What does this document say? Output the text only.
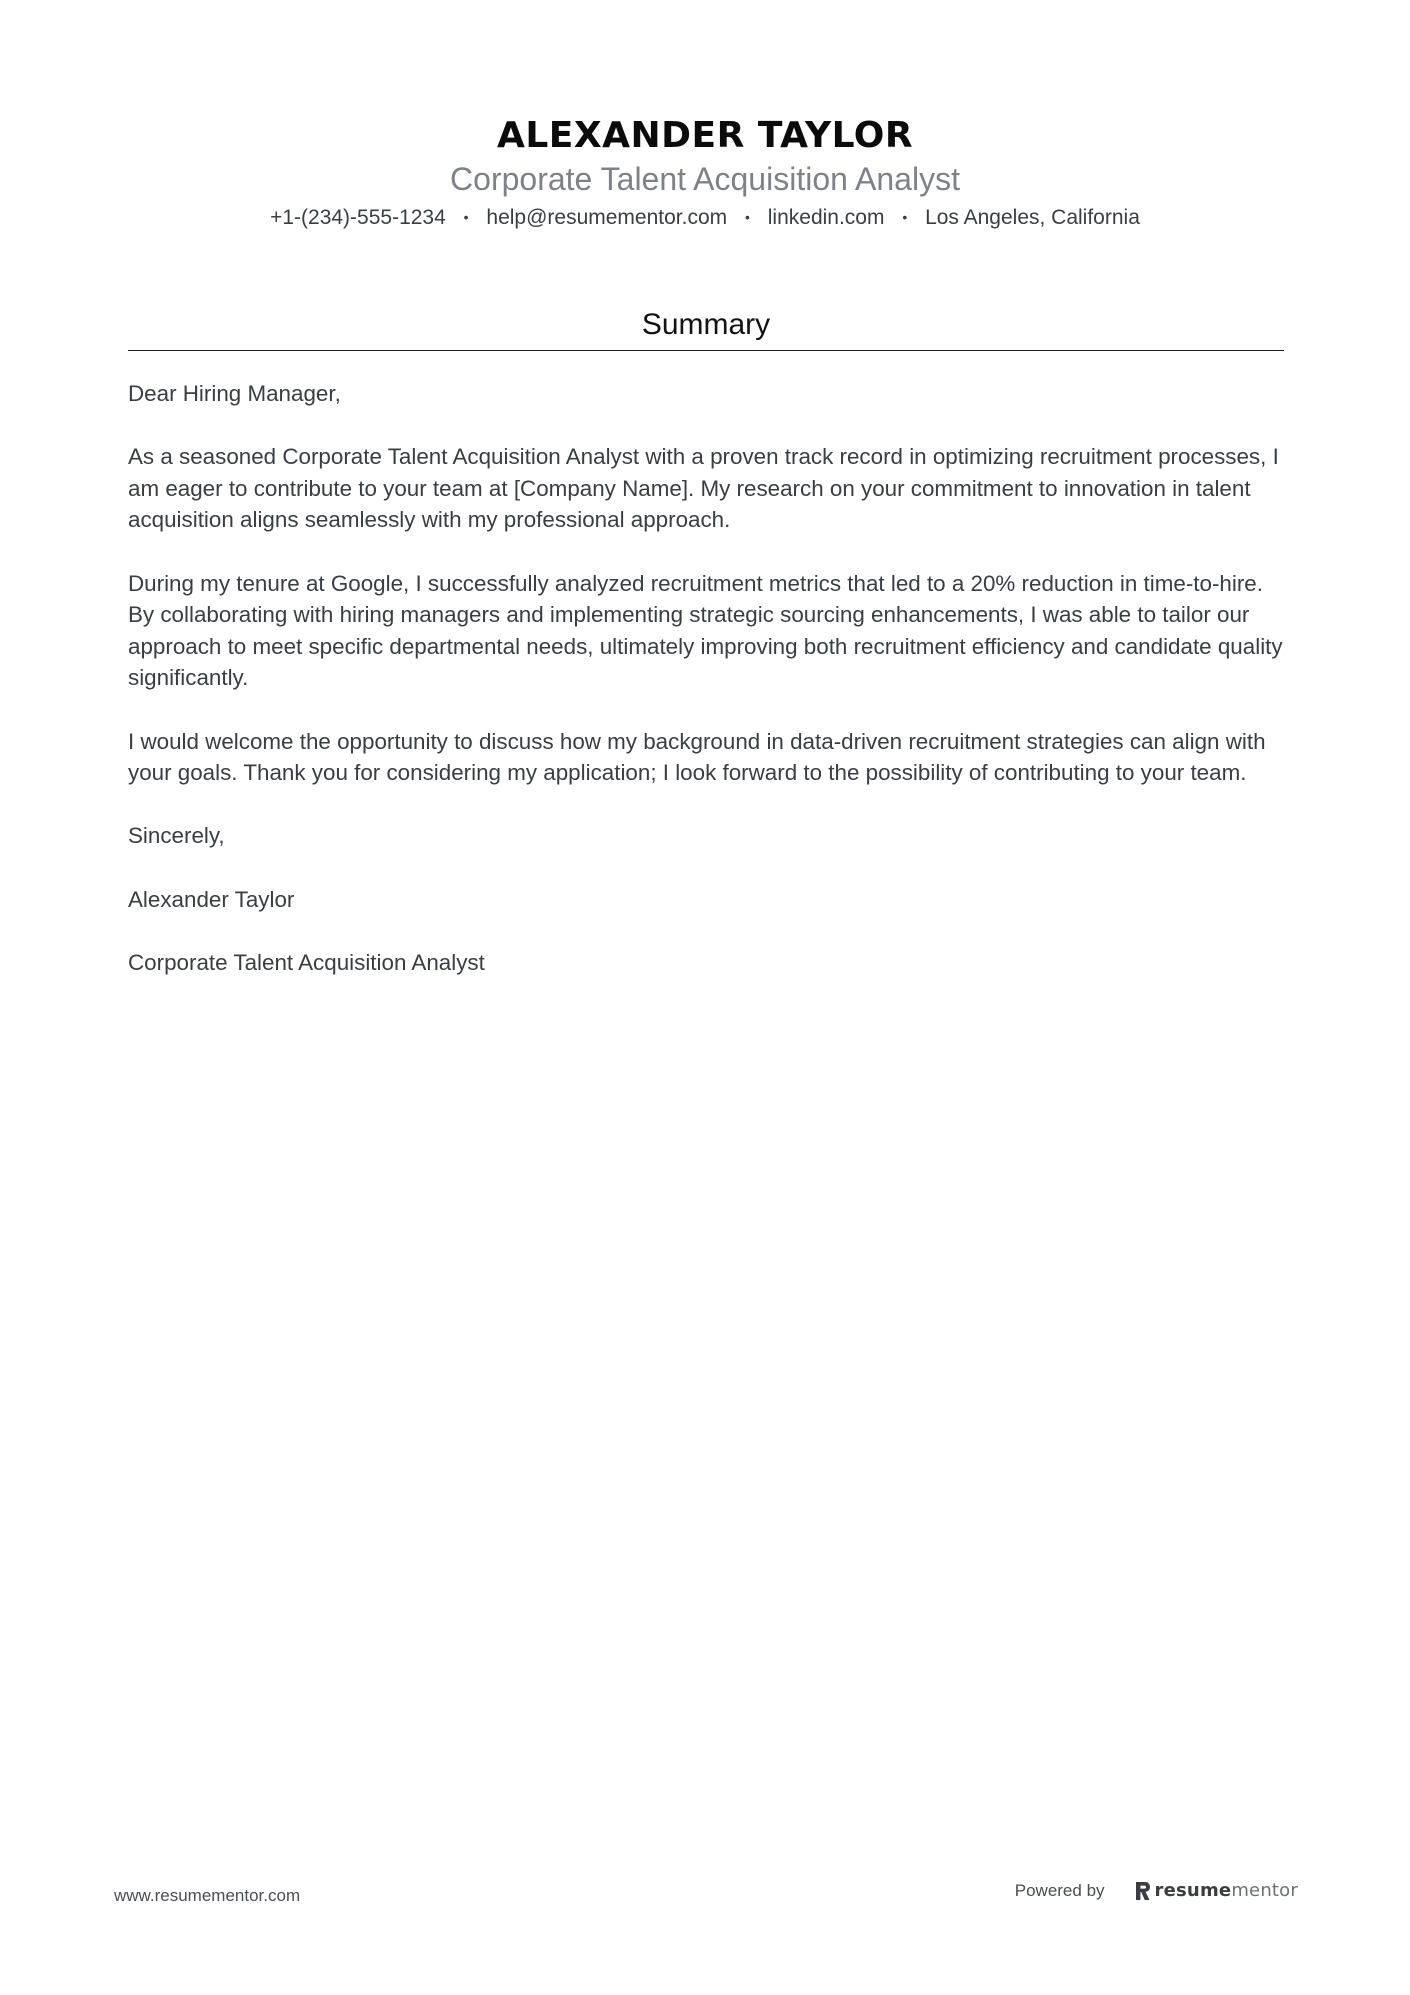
ALEXANDER TAYLOR
Corporate Talent Acquisition Analyst
+1-(234)-555-1234 • help@resumementor.com • linkedin.com • Los Angeles, California
Summary

Dear Hiring Manager,

As a seasoned Corporate Talent Acquisition Analyst with a proven track record in optimizing recruitment processes, I am eager to contribute to your team at [Company Name]. My research on your commitment to innovation in talent acquisition aligns seamlessly with my professional approach.

During my tenure at Google, I successfully analyzed recruitment metrics that led to a 20% reduction in time-to-hire. By collaborating with hiring managers and implementing strategic sourcing enhancements, I was able to tailor our approach to meet specific departmental needs, ultimately improving both recruitment efficiency and candidate quality significantly.

I would welcome the opportunity to discuss how my background in data-driven recruitment strategies can align with your goals. Thank you for considering my application; I look forward to the possibility of contributing to your team.

Sincerely,

Alexander Taylor

Corporate Talent Acquisition Analyst

www.resumementor.com	Powered by	resumementor
